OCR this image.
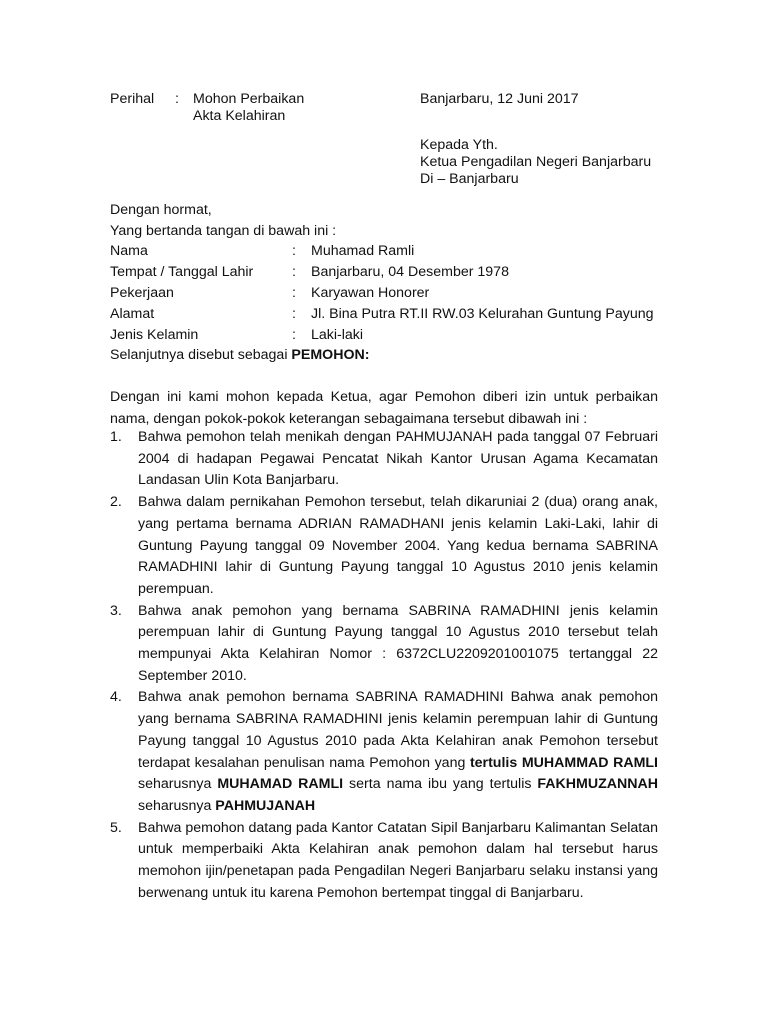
Perihal : Mohon Perbaikan
Akta Kelahiran
Banjarbaru, 12 Juni 2017
Kepada Yth.
Ketua Pengadilan Negeri Banjarbaru
Di – Banjarbaru
Dengan hormat,
Yang bertanda tangan di bawah ini :
Nama	: Muhamad Ramli
Tempat / Tanggal Lahir	: Banjarbaru, 04 Desember 1978
Pekerjaan	: Karyawan Honorer
Alamat	: Jl. Bina Putra RT.II RW.03 Kelurahan Guntung Payung
Jenis Kelamin	: Laki-laki
Selanjutnya disebut sebagai PEMOHON:
Dengan ini kami mohon kepada Ketua, agar Pemohon diberi izin untuk perbaikan nama, dengan pokok-pokok keterangan sebagaimana tersebut dibawah ini :
1. Bahwa pemohon telah menikah dengan PAHMUJANAH pada tanggal 07 Februari 2004 di hadapan Pegawai Pencatat Nikah Kantor Urusan Agama Kecamatan Landasan Ulin Kota Banjarbaru.
2. Bahwa dalam pernikahan Pemohon tersebut, telah dikaruniai 2 (dua) orang anak, yang pertama bernama ADRIAN RAMADHANI jenis kelamin Laki-Laki, lahir di Guntung Payung tanggal 09 November 2004. Yang kedua bernama SABRINA RAMADHINI lahir di Guntung Payung tanggal 10 Agustus 2010 jenis kelamin perempuan.
3. Bahwa anak pemohon yang bernama SABRINA RAMADHINI jenis kelamin perempuan lahir di Guntung Payung tanggal 10 Agustus 2010 tersebut telah mempunyai Akta Kelahiran Nomor : 6372CLU2209201001075 tertanggal 22 September 2010.
4. Bahwa anak pemohon bernama SABRINA RAMADHINI Bahwa anak pemohon yang bernama SABRINA RAMADHINI jenis kelamin perempuan lahir di Guntung Payung tanggal 10 Agustus 2010 pada Akta Kelahiran anak Pemohon tersebut terdapat kesalahan penulisan nama Pemohon yang tertulis MUHAMMAD RAMLI seharusnya MUHAMAD RAMLI serta nama ibu yang tertulis FAKHMUZANNAH seharusnya PAHMUJANAH
5. Bahwa pemohon datang pada Kantor Catatan Sipil Banjarbaru Kalimantan Selatan untuk memperbaiki Akta Kelahiran anak pemohon dalam hal tersebut harus memohon ijin/penetapan pada Pengadilan Negeri Banjarbaru selaku instansi yang berwenang untuk itu karena Pemohon bertempat tinggal di Banjarbaru.
